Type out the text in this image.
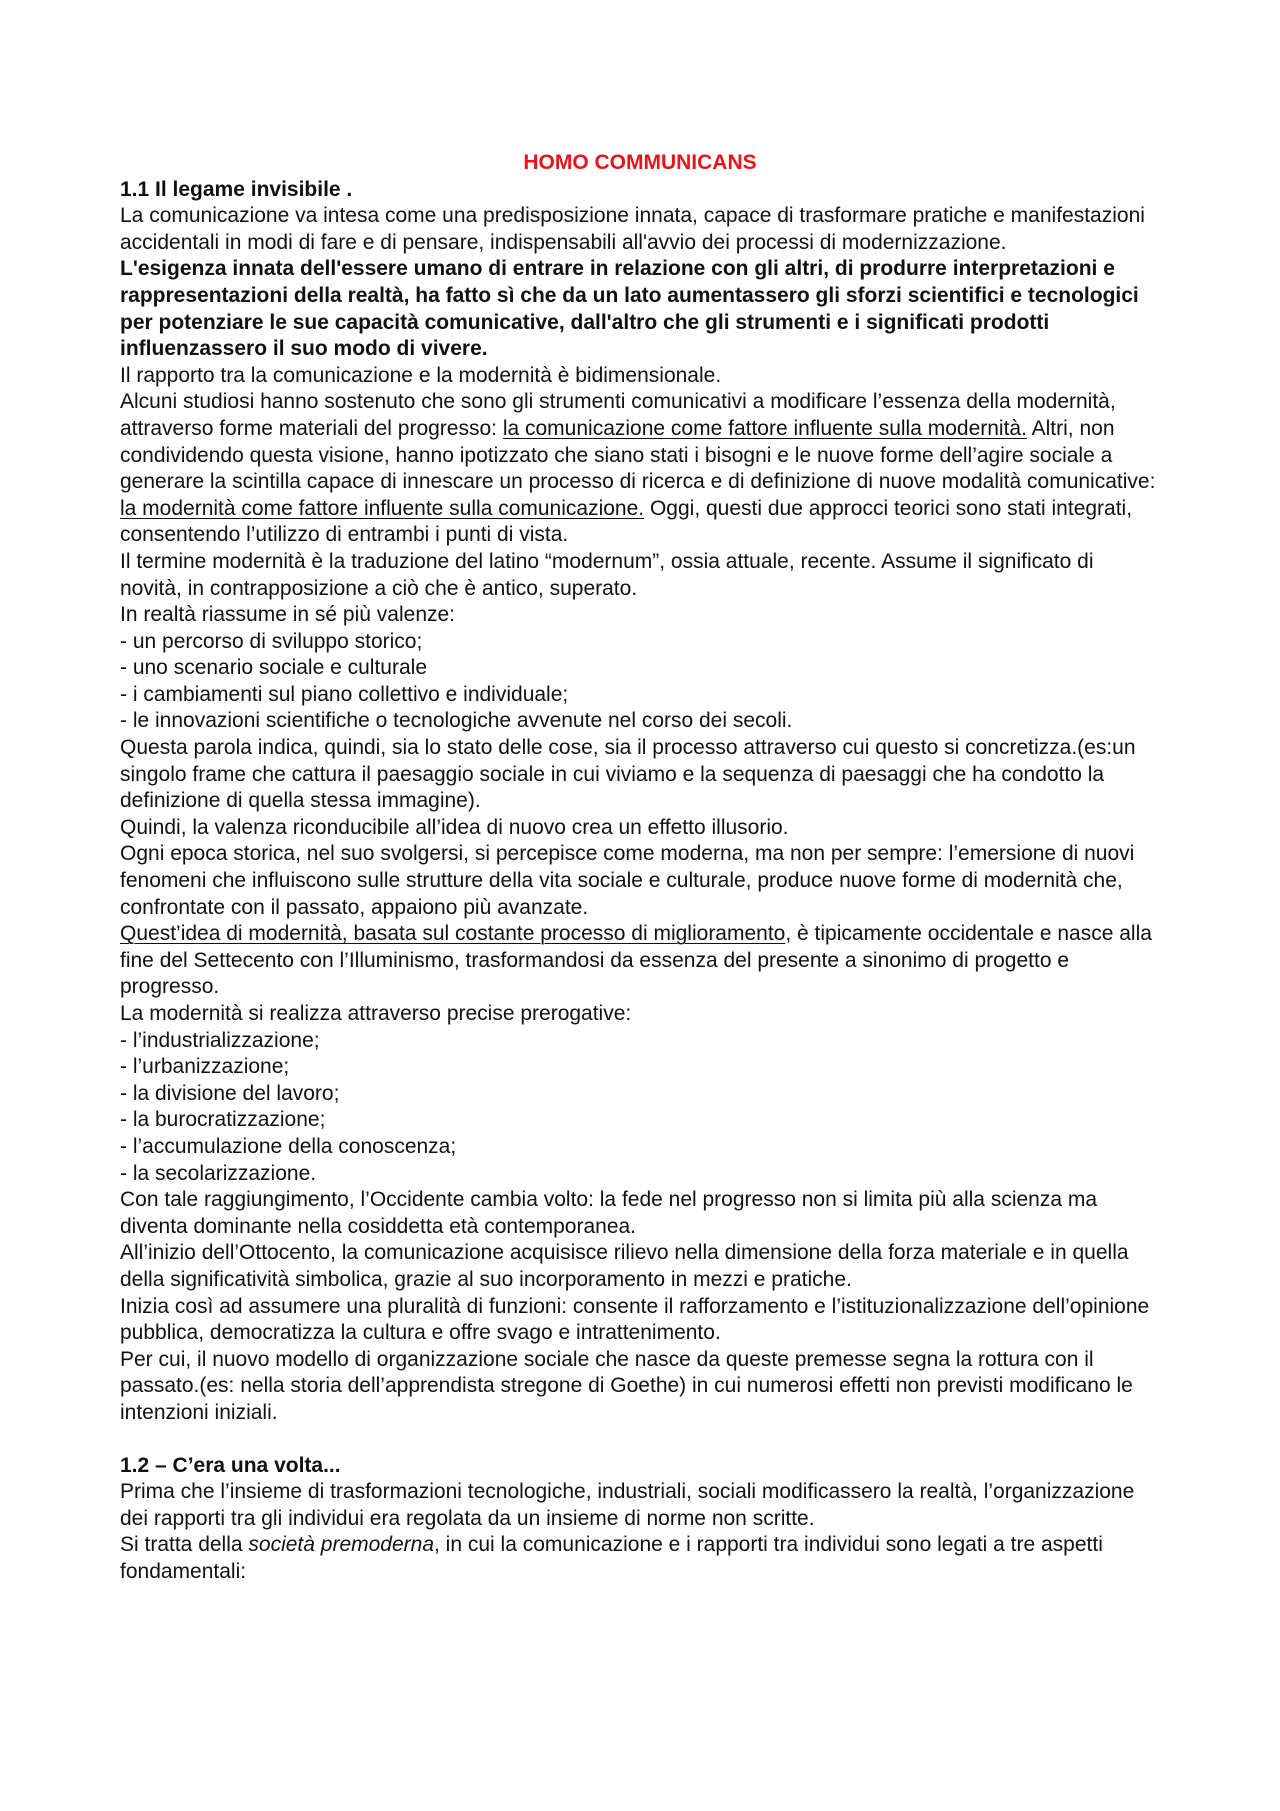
HOMO COMMUNICANS

1.1 Il legame invisibile .

La comunicazione va intesa come una predisposizione innata, capace di trasformare pratiche e manifestazioni accidentali in modi di fare e di pensare, indispensabili all'avvio dei processi di modernizzazione.

L'esigenza innata dell'essere umano di entrare in relazione con gli altri, di produrre interpretazioni e rappresentazioni della realtà, ha fatto sì che da un lato aumentassero gli sforzi scientifici e tecnologici per potenziare le sue capacità comunicative, dall'altro che gli strumenti e i significati prodotti influenzassero il suo modo di vivere.

Il rapporto tra la comunicazione e la modernità è bidimensionale.

Alcuni studiosi hanno sostenuto che sono gli strumenti comunicativi a modificare l’essenza della modernità, attraverso forme materiali del progresso: la comunicazione come fattore influente sulla modernità. Altri, non condividendo questa visione, hanno ipotizzato che siano stati i bisogni e le nuove forme dell’agire sociale a generare la scintilla capace di innescare un processo di ricerca e di definizione di nuove modalità comunicative: la modernità come fattore influente sulla comunicazione. Oggi, questi due approcci teorici sono stati integrati, consentendo l’utilizzo di entrambi i punti di vista.

Il termine modernità è la traduzione del latino “modernum”, ossia attuale, recente. Assume il significato di novità, in contrapposizione a ciò che è antico, superato.

In realtà riassume in sé più valenze:

- un percorso di sviluppo storico;

- uno scenario sociale e culturale

- i cambiamenti sul piano collettivo e individuale;

- le innovazioni scientifiche o tecnologiche avvenute nel corso dei secoli.

Questa parola indica, quindi, sia lo stato delle cose, sia il processo attraverso cui questo si concretizza.(es:un singolo frame che cattura il paesaggio sociale in cui viviamo e la sequenza di paesaggi che ha condotto la definizione di quella stessa immagine).

Quindi, la valenza riconducibile all’idea di nuovo crea un effetto illusorio.

Ogni epoca storica, nel suo svolgersi, si percepisce come moderna, ma non per sempre: l’emersione di nuovi fenomeni che influiscono sulle strutture della vita sociale e culturale, produce nuove forme di modernità che, confrontate con il passato, appaiono più avanzate.

Quest’idea di modernità, basata sul costante processo di miglioramento, è tipicamente occidentale e nasce alla fine del Settecento con l’Illuminismo, trasformandosi da essenza del presente a sinonimo di progetto e progresso.

La modernità si realizza attraverso precise prerogative:

- l’industrializzazione;

- l’urbanizzazione;

- la divisione del lavoro;

- la burocratizzazione;

- l’accumulazione della conoscenza;

- la secolarizzazione.

Con tale raggiungimento, l’Occidente cambia volto: la fede nel progresso non si limita più alla scienza ma diventa dominante nella cosiddetta età contemporanea.

All’inizio dell’Ottocento, la comunicazione acquisisce rilievo nella dimensione della forza materiale e in quella della significatività simbolica, grazie al suo incorporamento in mezzi e pratiche.

Inizia così ad assumere una pluralità di funzioni: consente il rafforzamento e l’istituzionalizzazione dell’opinione pubblica, democratizza la cultura e offre svago e intrattenimento.

Per cui, il nuovo modello di organizzazione sociale che nasce da queste premesse segna la rottura con il passato.(es: nella storia dell’apprendista stregone di Goethe) in cui numerosi effetti non previsti modificano le intenzioni iniziali.

1.2 – C’era una volta...

Prima che l’insieme di trasformazioni tecnologiche, industriali, sociali modificassero la realtà, l’organizzazione dei rapporti tra gli individui era regolata da un insieme di norme non scritte.

Si tratta della società premoderna, in cui la comunicazione e i rapporti tra individui sono legati a tre aspetti fondamentali:
